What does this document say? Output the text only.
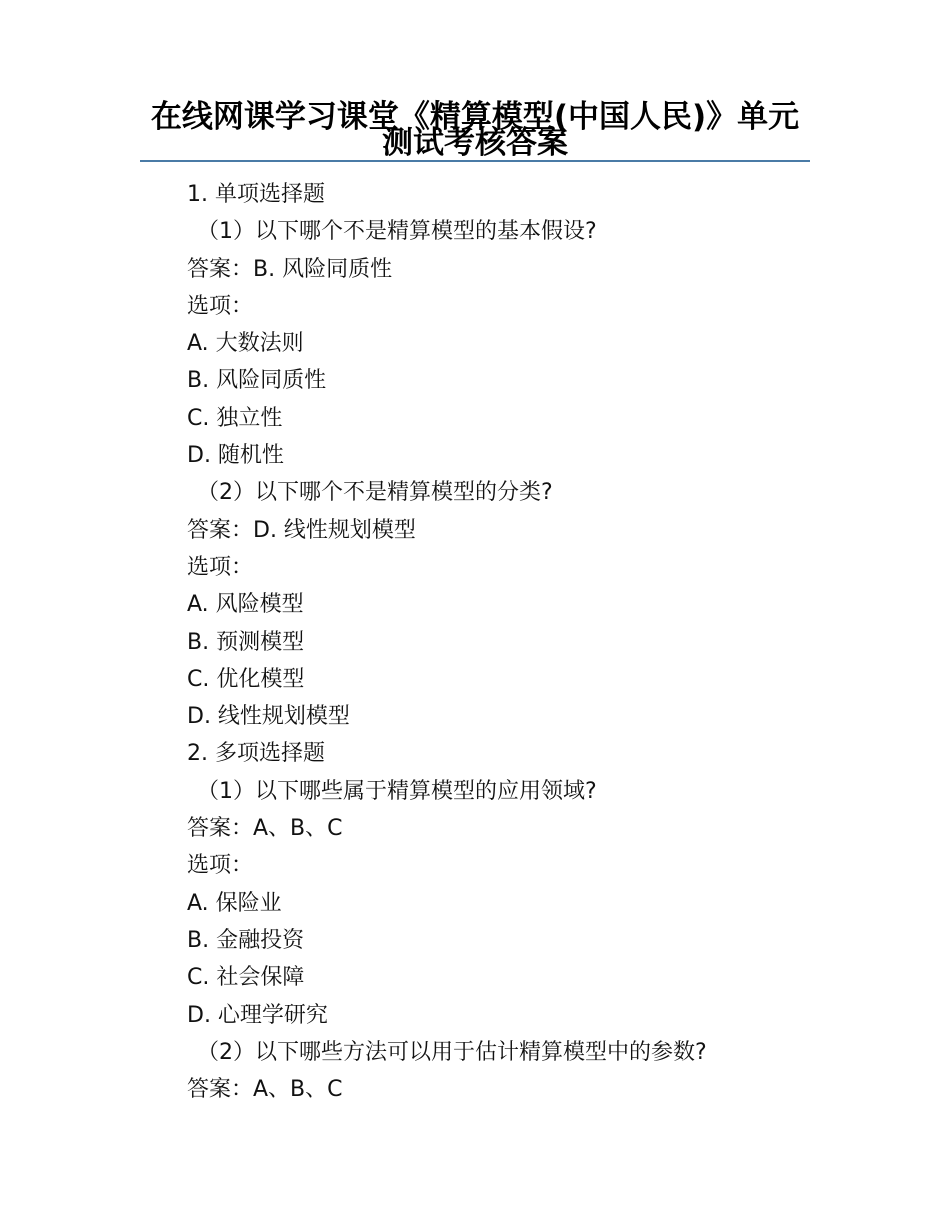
在线网课学习课堂《精算模型(中国人民)》单元测试考核答案
1. 单项选择题
（1）以下哪个不是精算模型的基本假设?
答案：B. 风险同质性
选项：
A. 大数法则
B. 风险同质性
C. 独立性
D. 随机性
（2）以下哪个不是精算模型的分类?
答案：D. 线性规划模型
选项：
A. 风险模型
B. 预测模型
C. 优化模型
D. 线性规划模型
2. 多项选择题
（1）以下哪些属于精算模型的应用领域?
答案：A、B、C
选项：
A. 保险业
B. 金融投资
C. 社会保障
D. 心理学研究
（2）以下哪些方法可以用于估计精算模型中的参数?
答案：A、B、C
